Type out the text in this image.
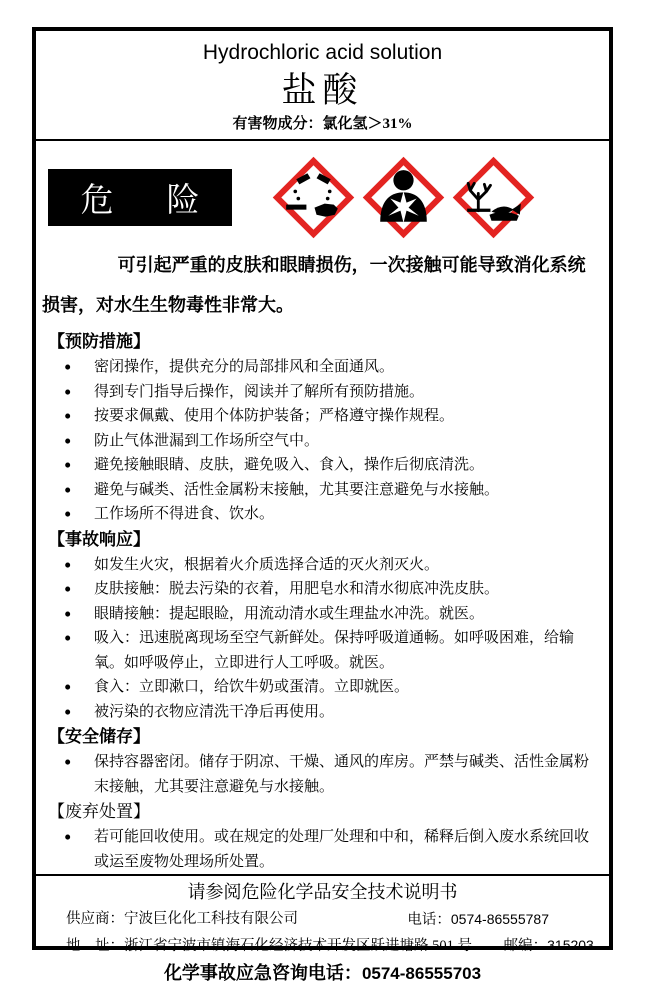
Hydrochloric acid solution
盐酸
有害物成分：氯化氢＞31%
危　险

可引起严重的皮肤和眼睛损伤，一次接触可能导致消化系统损害，对水生生物毒性非常大。

【预防措施】
• 密闭操作，提供充分的局部排风和全面通风。
• 得到专门指导后操作，阅读并了解所有预防措施。
• 按要求佩戴、使用个体防护装备；严格遵守操作规程。
• 防止气体泄漏到工作场所空气中。
• 避免接触眼睛、皮肤，避免吸入、食入，操作后彻底清洗。
• 避免与碱类、活性金属粉末接触，尤其要注意避免与水接触。
• 工作场所不得进食、饮水。
【事故响应】
• 如发生火灾，根据着火介质选择合适的灭火剂灭火。
• 皮肤接触：脱去污染的衣着，用肥皂水和清水彻底冲洗皮肤。
• 眼睛接触：提起眼睑，用流动清水或生理盐水冲洗。就医。
• 吸入：迅速脱离现场至空气新鲜处。保持呼吸道通畅。如呼吸困难，给输氧。如呼吸停止，立即进行人工呼吸。就医。
• 食入：立即漱口，给饮牛奶或蛋清。立即就医。
• 被污染的衣物应清洗干净后再使用。
【安全储存】
• 保持容器密闭。储存于阴凉、干燥、通风的库房。严禁与碱类、活性金属粉末接触，尤其要注意避免与水接触。
【废弃处置】
• 若可能回收使用。或在规定的处理厂处理和中和，稀释后倒入废水系统回收或运至废物处理场所处置。
请参阅危险化学品安全技术说明书
供应商： 宁波巨化化工科技有限公司	电话：0574-86555787
地　址：浙江省宁波市镇海石化经济技术开发区跃进塘路 501 号 邮编：315203
化学事故应急咨询电话：0574-86555703
